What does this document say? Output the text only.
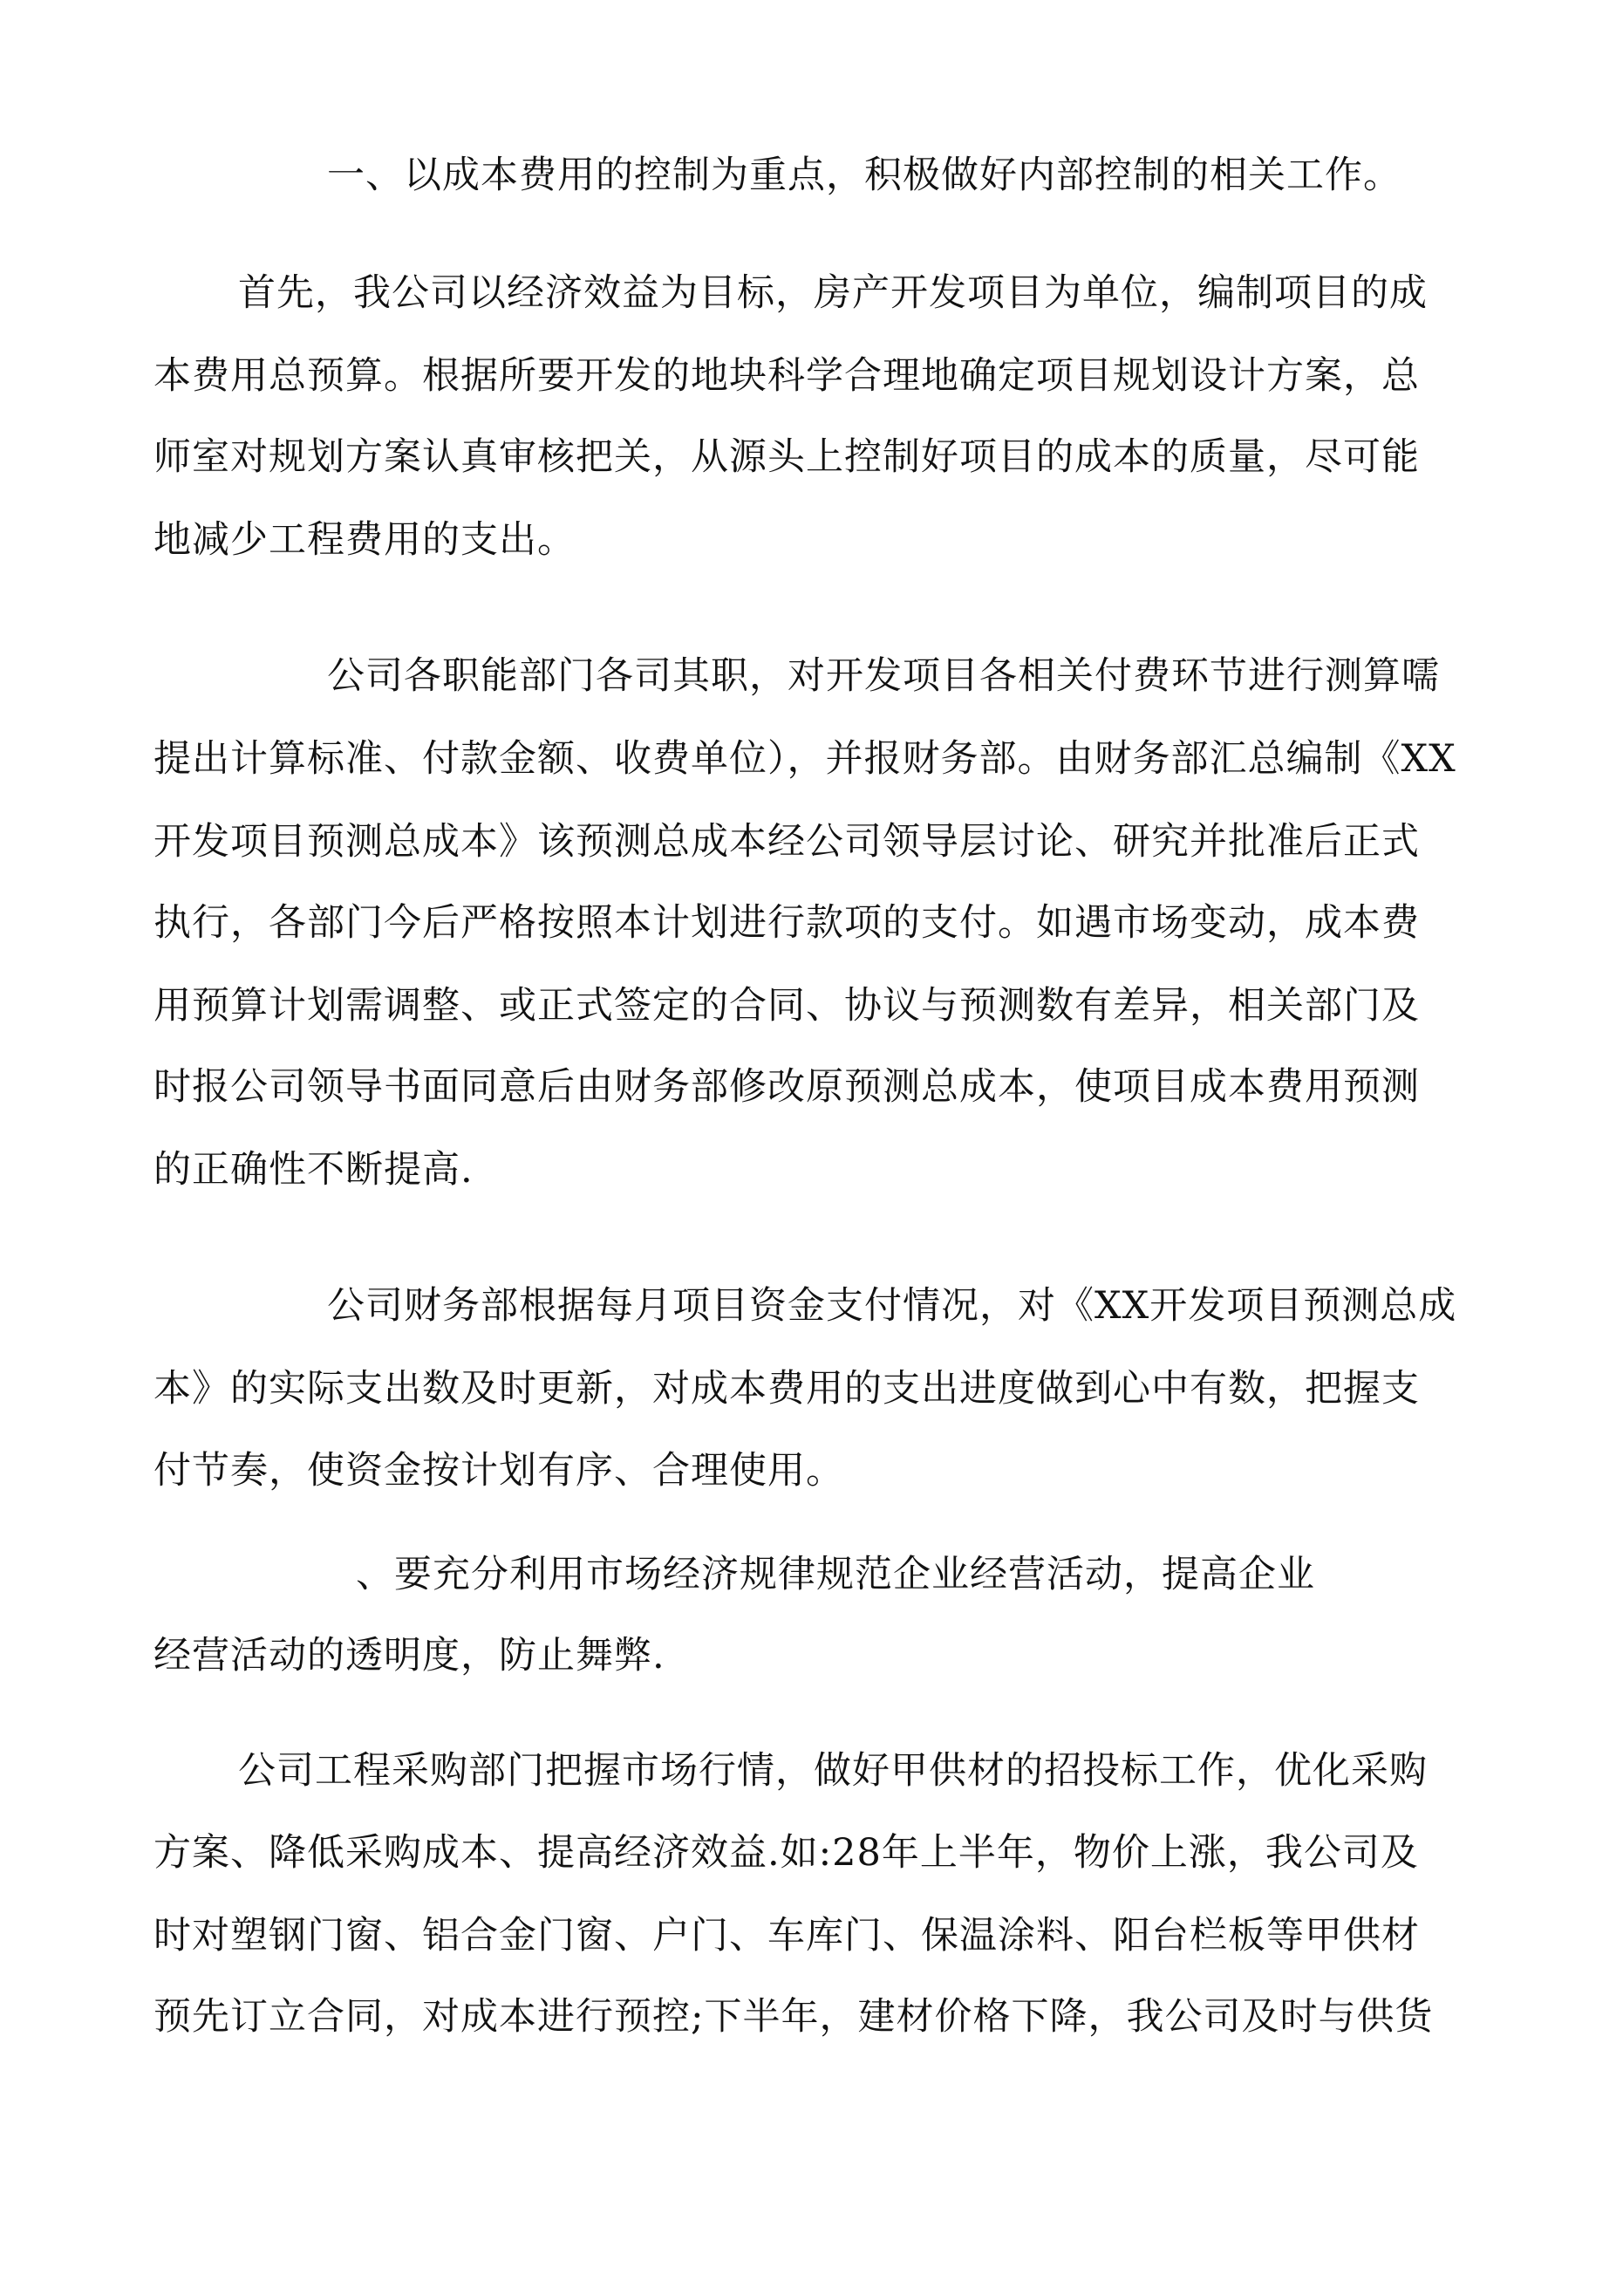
一、以成本费用的控制为重点，积极做好内部控制的相关工作。
首先，我公司以经济效益为目标，房产开发项目为单位，编制项目的成
本费用总预算。根据所要开发的地块科学合理地确定项目规划设计方案，总
师室对规划方案认真审核把关，从源头上控制好项目的成本的质量，尽可能
地减少工程费用的支出。
公司各职能部门各司其职，对开发项目各相关付费环节进行测算嚅
提出计算标准、付款金额、收费单位），并报财务部。由财务部汇总编制《XX
开发项目预测总成本》该预测总成本经公司领导层讨论、研究并批准后正式
执行，各部门今后严格按照本计划进行款项的支付。如遇市场变动，成本费
用预算计划需调整、或正式签定的合同、协议与预测数有差异，相关部门及
时报公司领导书面同意后由财务部修改原预测总成本，使项目成本费用预测
的正确性不断提高.
公司财务部根据每月项目资金支付情况，对《XX开发项目预测总成
本》的实际支出数及时更新，对成本费用的支出进度做到心中有数，把握支
付节奏，使资金按计划有序、合理使用。
、要充分利用市场经济规律规范企业经营活动，提高企业
经营活动的透明度，防止舞弊.
公司工程采购部门把握市场行情，做好甲供材的招投标工作，优化采购
方案、降低采购成本、提高经济效益.如:28年上半年，物价上涨，我公司及
时对塑钢门窗、铝合金门窗、户门、车库门、保温涂料、阳台栏板等甲供材
预先订立合同，对成本进行预控;下半年，建材价格下降，我公司及时与供货
